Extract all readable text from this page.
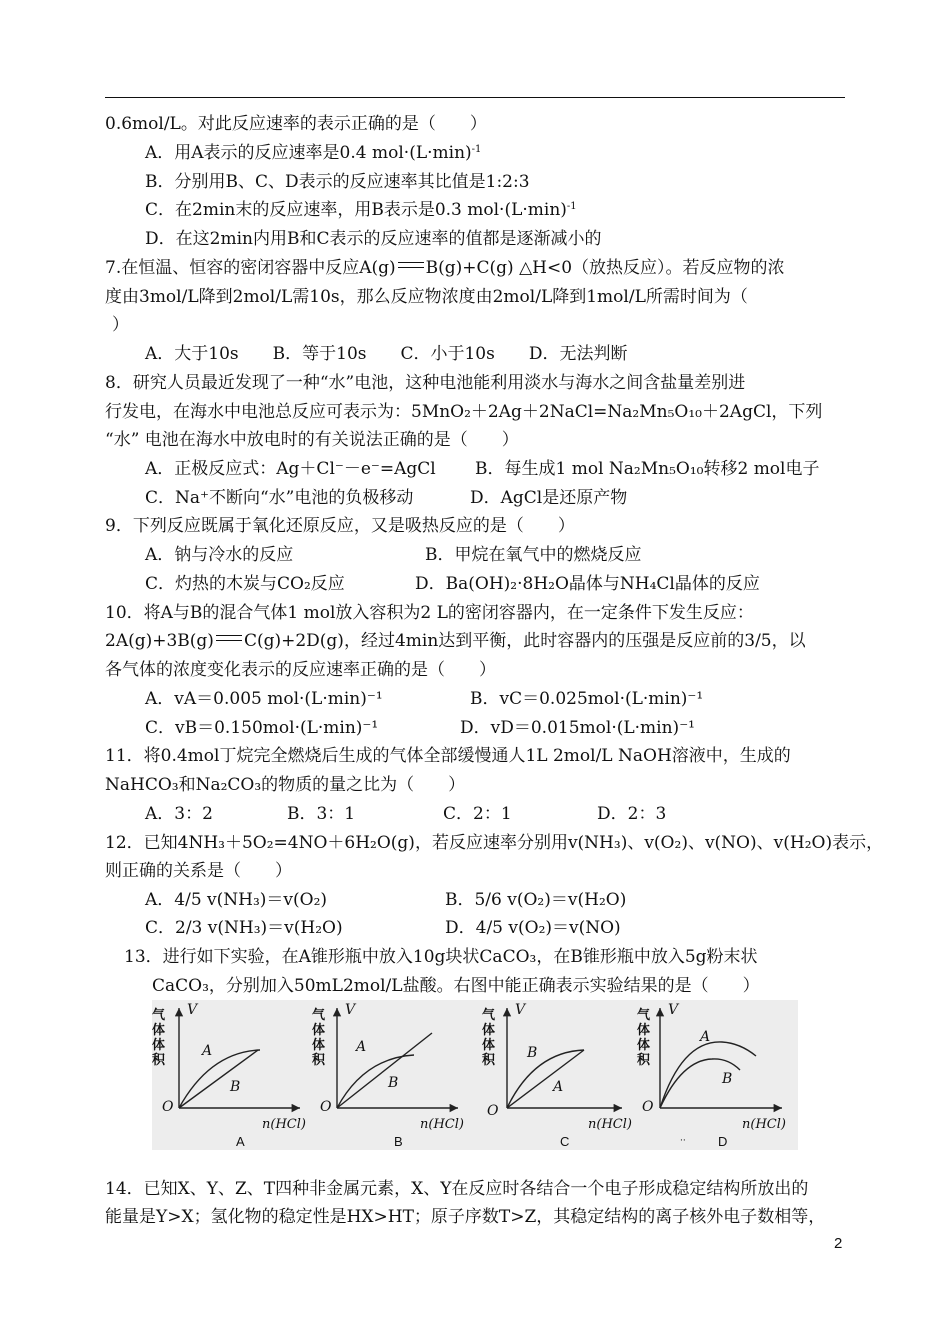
0.6mol/L。对此反应速率的表示正确的是（　　）
A．用A表示的反应速率是0.4 $mol\cdot(L\cdot\min)^{-1}$
B．分别用B、C、D表示的反应速率其比值是1:2:3
C．在2min末的反应速率，用B表示是0.3 $mol\cdot(L\cdot\min)^{-1}$
D．在这2min内用B和C表示的反应速率的值都是逐渐减小的
7.在恒温、恒容的密闭容器中反应A(g) B(g)+C(g) △H<0（放热反应）。若反应物的浓
度由3mol/L降到2mol/L需10s，那么反应物浓度由2mol/L降到1mol/L所需时间为（
）
A．大于10s　　B．等于10s　　C．小于10s　　D．无法判断
8．研究人员最近发现了一种“水”电池，这种电池能利用淡水与海水之间含盐量差别进
行发电，在海水中电池总反应可表示为：5MnO₂＋2Ag＋2NaCl=Na₂Mn₅O₁₀＋2AgCl，下列
“水” 电池在海水中放电时的有关说法正确的是（　　）
A．正极反应式：Ag＋Cl⁻－e⁻=AgCl B．每生成1 mol Na₂Mn₅O₁₀转移2 mol电子
C．Na⁺不断向“水”电池的负极移动	D．AgCl是还原产物
9．下列反应既属于氧化还原反应，又是吸热反应的是（　　）
A．钠与冷水的反应	B．甲烷在氧气中的燃烧反应
C．灼热的木炭与CO₂反应	D．Ba(OH)₂·8H₂O晶体与NH₄Cl晶体的反应
10．将A与B的混合气体1 mol放入容积为2 L的密闭容器内，在一定条件下发生反应：
2A(g)+3B(g) C(g)+2D(g)，经过4min达到平衡，此时容器内的压强是反应前的3/5，以
各气体的浓度变化表示的反应速率正确的是（　　）
A．vA＝0.005 mol·(L·min)⁻¹	B．vC＝0.025mol·(L·min)⁻¹
C．vB＝0.150mol·(L·min)⁻¹	D．vD＝0.015mol·(L·min)⁻¹
11．将0.4mol丁烷完全燃烧后生成的气体全部缓慢通人1L 2mol/L NaOH溶液中，生成的
NaHCO₃和Na₂CO₃的物质的量之比为（　　）
A．3：2	B．3：1	C．2：1	D．2：3
12．已知4NH₃＋5O₂=4NO＋6H₂O(g)，若反应速率分别用v(NH₃)、v(O₂)、v(NO)、v(H₂O)表示，
则正确的关系是（　　）
A．4/5 v(NH₃)＝v(O₂)	B．5/6 v(O₂)＝v(H₂O)
C．2/3 v(NH₃)＝v(H₂O)	D．4/5 v(O₂)＝v(NO)
13．进行如下实验，在A锥形瓶中放入10g块状CaCO₃，在B锥形瓶中放入5g粉末状
CaCO₃，分别加入50mL2mol/L盐酸。右图中能正确表示实验结果的是（　　）
气体体积
V
O
A
B
n(HCl)
A
气体体积
V
O
A
B
n(HCl)
B
气体体积
V
O
B
A
n(HCl)
C
气体体积
V
O
A
B
n(HCl)
·· D
14．已知X、Y、Z、T四种非金属元素，X、Y在反应时各结合一个电子形成稳定结构所放出的
能量是Y>X；氢化物的稳定性是HX>HT；原子序数T>Z，其稳定结构的离子核外电子数相等，
2
